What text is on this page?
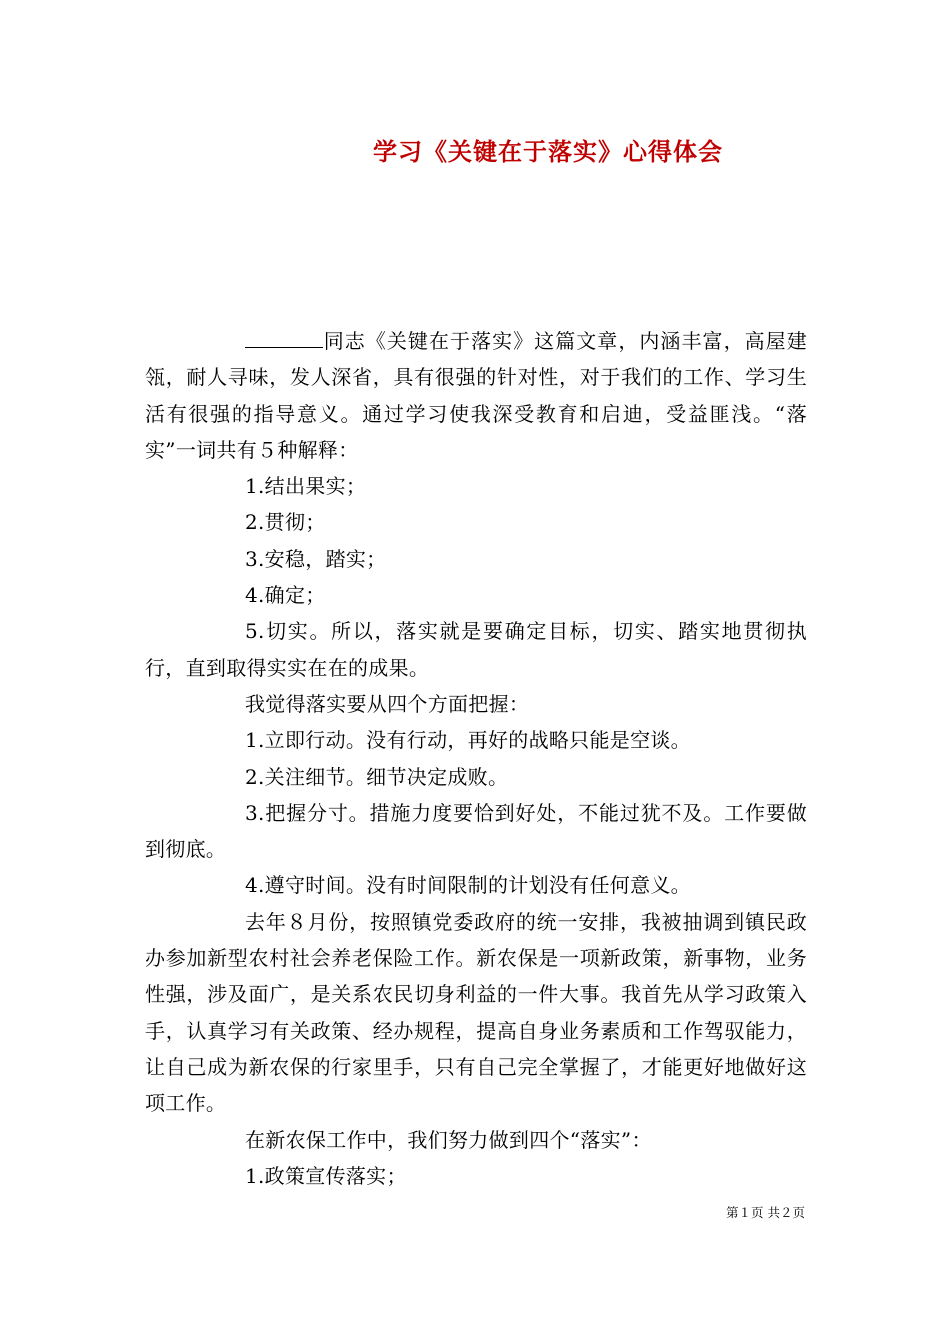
学习《关键在于落实》心得体会

同志《关键在于落实》这篇文章，内涵丰富，高屋建瓴，耐人寻味，发人深省，具有很强的针对性，对于我们的工作、学习生活有很强的指导意义。通过学习使我深受教育和启迪，受益匪浅。“落实”一词共有５种解释：

1.结出果实；

2.贯彻；

3.安稳，踏实；

4.确定；

5.切实。所以，落实就是要确定目标，切实、踏实地贯彻执行，直到取得实实在在的成果。

我觉得落实要从四个方面把握：

1.立即行动。没有行动，再好的战略只能是空谈。

2.关注细节。细节决定成败。

3.把握分寸。措施力度要恰到好处，不能过犹不及。工作要做到彻底。

4.遵守时间。没有时间限制的计划没有任何意义。

去年８月份，按照镇党委政府的统一安排，我被抽调到镇民政办参加新型农村社会养老保险工作。新农保是一项新政策，新事物，业务性强，涉及面广，是关系农民切身利益的一件大事。我首先从学习政策入手，认真学习有关政策、经办规程，提高自身业务素质和工作驾驭能力，让自己成为新农保的行家里手，只有自己完全掌握了，才能更好地做好这项工作。

在新农保工作中，我们努力做到四个“落实”：

1.政策宣传落实；

第１页 共２页
